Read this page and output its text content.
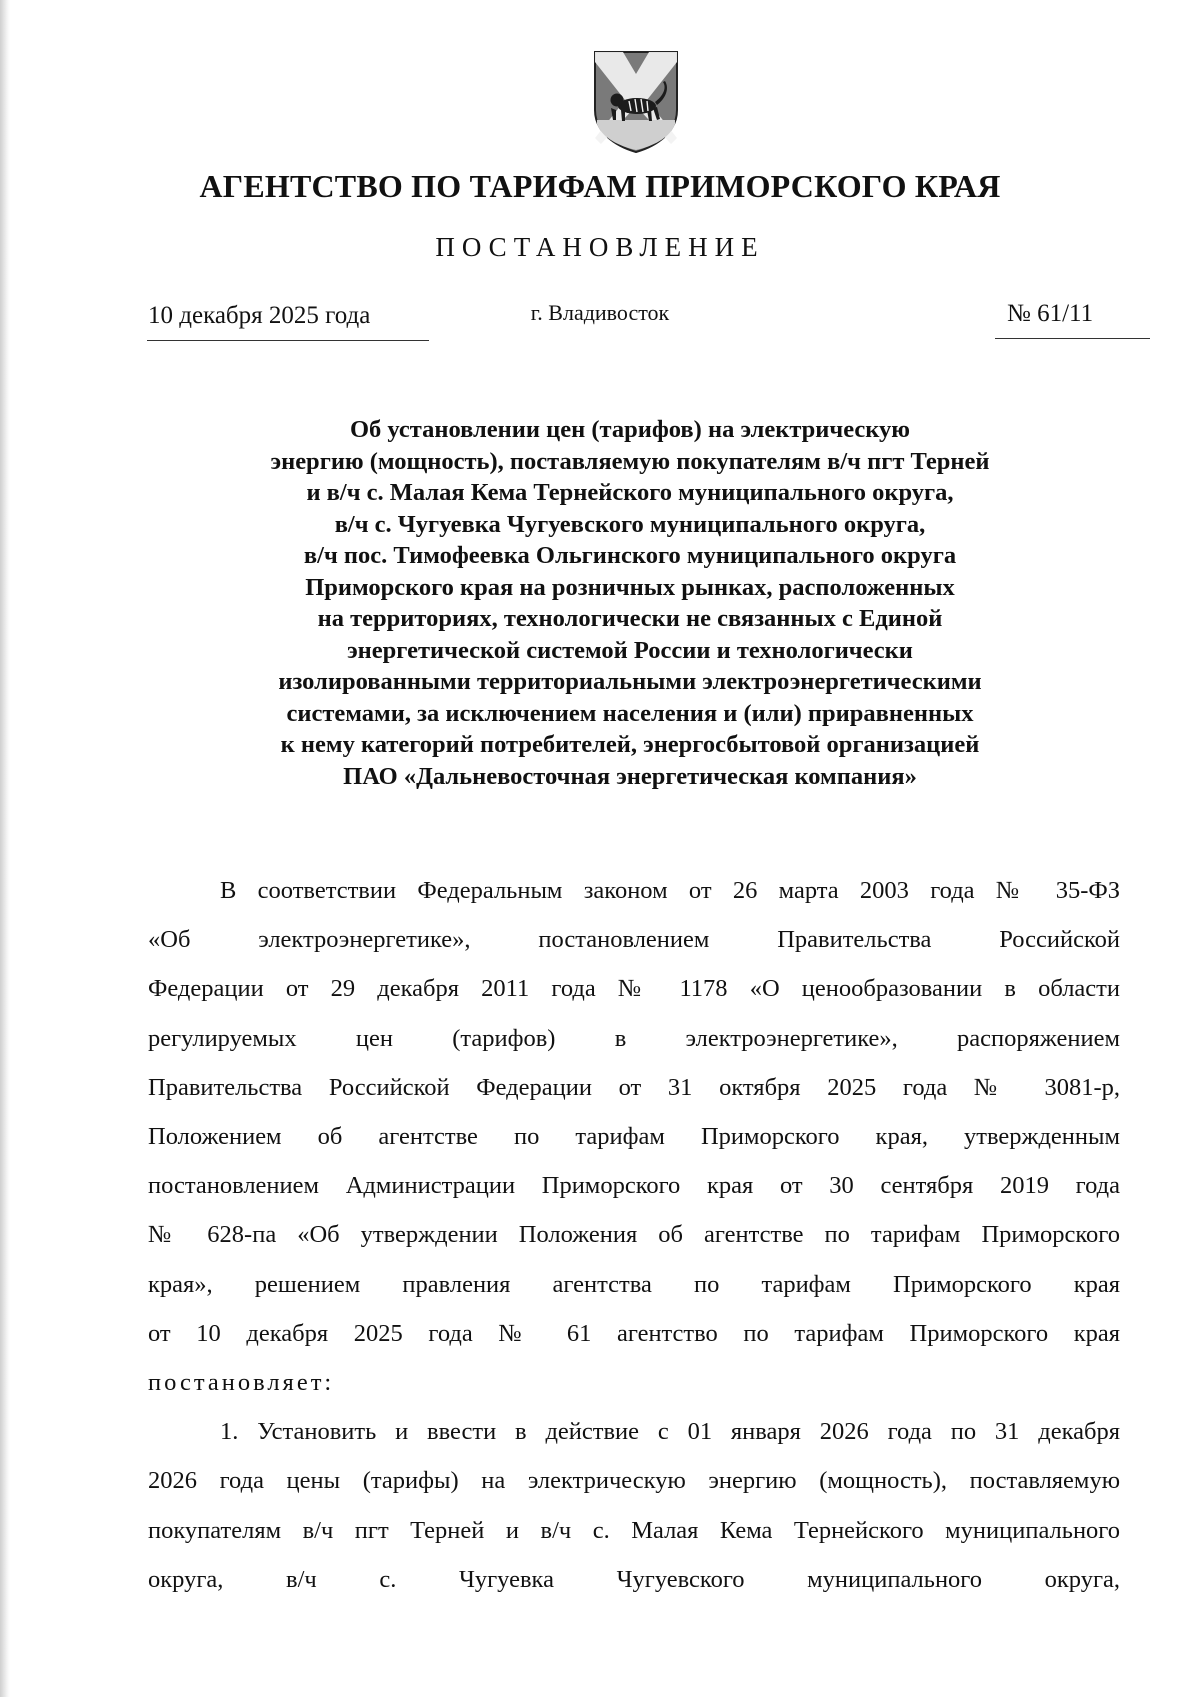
АГЕНТСТВО ПО ТАРИФАМ ПРИМОРСКОГО КРАЯ
ПОСТАНОВЛЕНИЕ
10 декабря 2025 года	г. Владивосток	№ 61/11
Об установлении цен (тарифов) на электрическую
энергию (мощность), поставляемую покупателям в/ч пгт Терней
и в/ч с. Малая Кема Тернейского муниципального округа,
в/ч с. Чугуевка Чугуевского муниципального округа,
в/ч пос. Тимофеевка Ольгинского муниципального округа
Приморского края на розничных рынках, расположенных
на территориях, технологически не связанных с Единой
энергетической системой России и технологически
изолированными территориальными электроэнергетическими
системами, за исключением населения и (или) приравненных
к нему категорий потребителей, энергосбытовой организацией
ПАО «Дальневосточная энергетическая компания»
В соответствии Федеральным законом от 26 марта 2003 года № 35-ФЗ
«Об электроэнергетике», постановлением Правительства Российской
Федерации от 29 декабря 2011 года № 1178 «О ценообразовании в области
регулируемых цен (тарифов) в электроэнергетике», распоряжением
Правительства Российской Федерации от 31 октября 2025 года № 3081-р,
Положением об агентстве по тарифам Приморского края, утвержденным
постановлением Администрации Приморского края от 30 сентября 2019 года
№ 628-па «Об утверждении Положения об агентстве по тарифам Приморского
края», решением правления агентства по тарифам Приморского края
от 10 декабря 2025 года № 61 агентство по тарифам Приморского края
постановляет:
1. Установить и ввести в действие с 01 января 2026 года по 31 декабря
2026 года цены (тарифы) на электрическую энергию (мощность), поставляемую
покупателям в/ч пгт Терней и в/ч с. Малая Кема Тернейского муниципального
округа, в/ч с. Чугуевка Чугуевского муниципального округа,
